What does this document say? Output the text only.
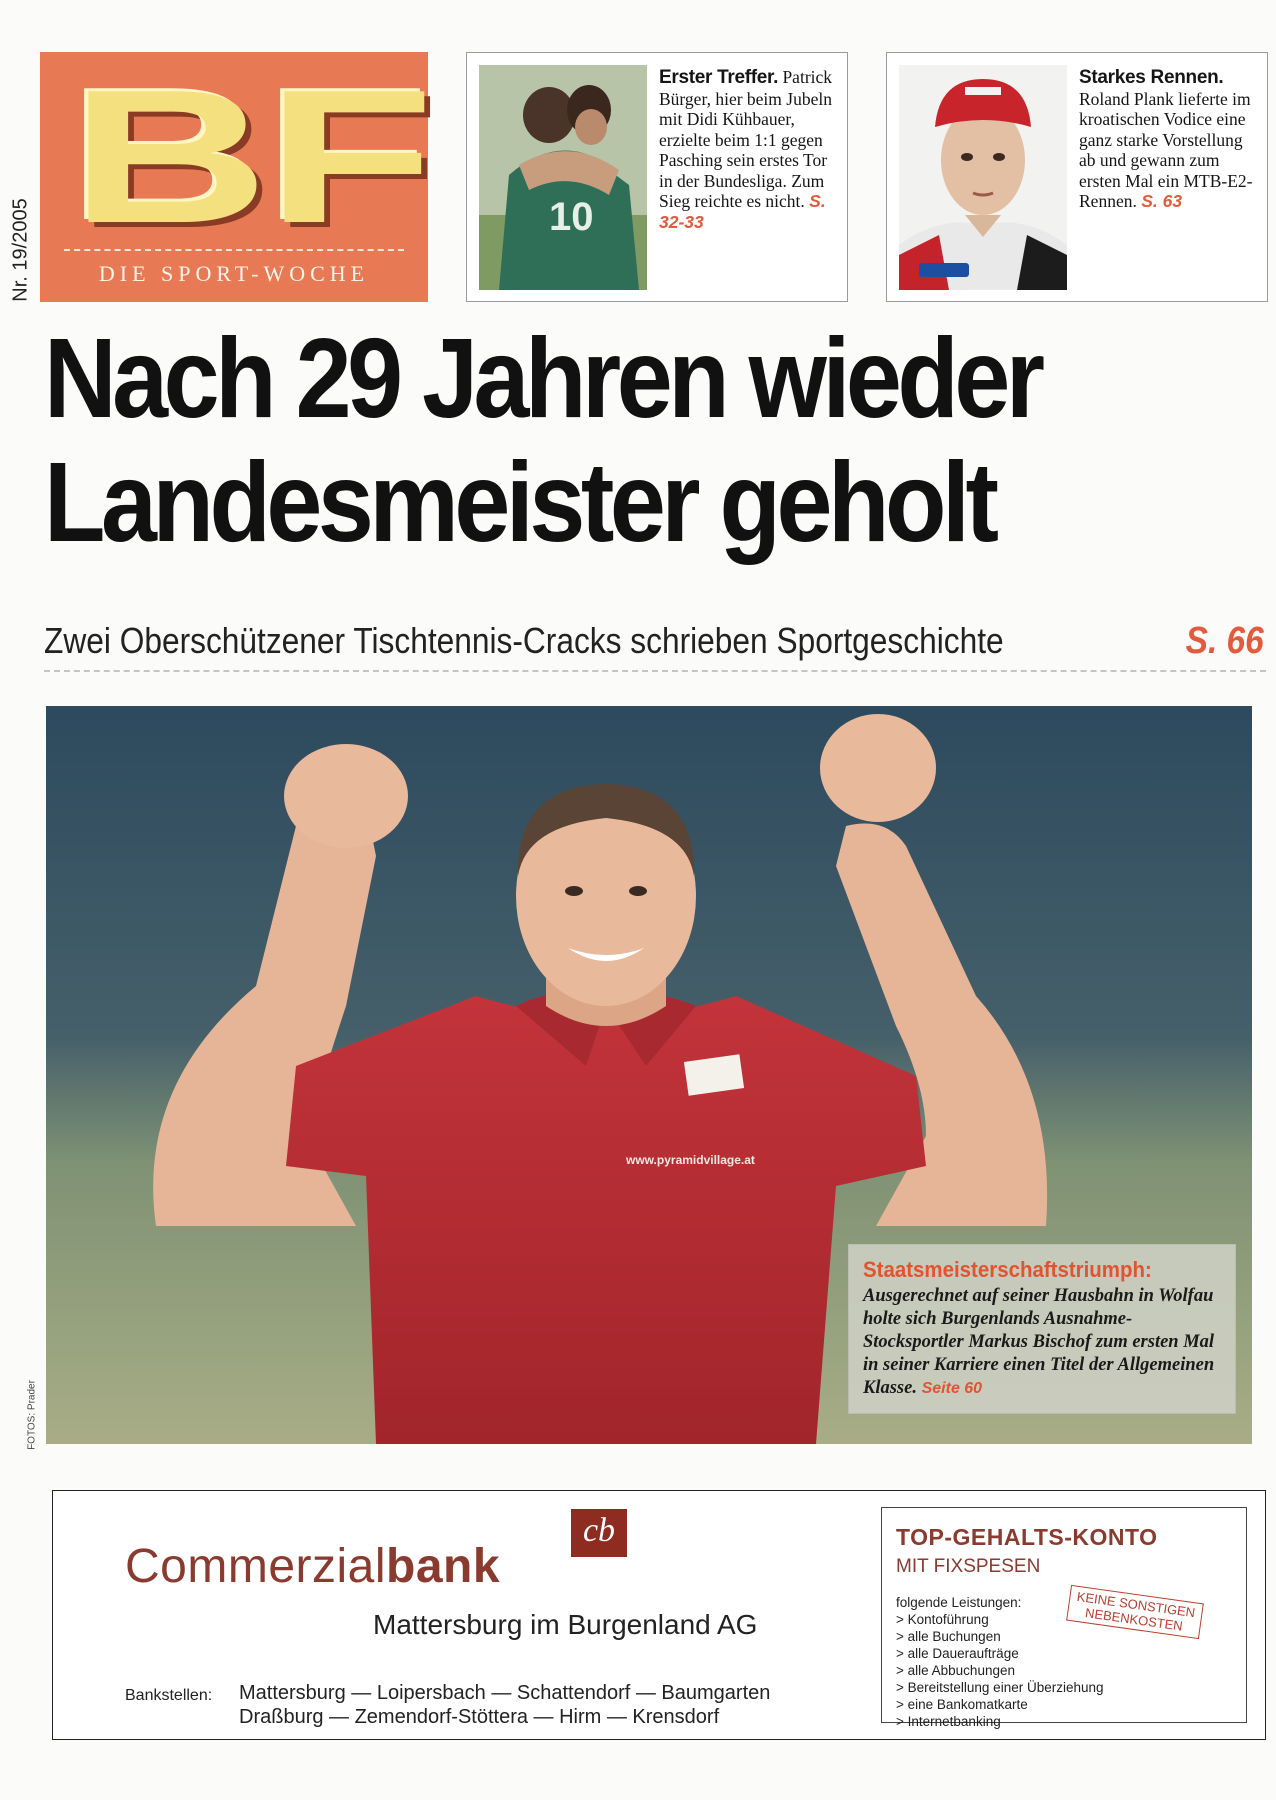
Nr. 19/2005 BF
DIE SPORT-WOCHE
10
Erster Treffer. Patrick Bürger, hier beim Jubeln mit Didi Kühbauer, erzielte beim 1:1 gegen Pasching sein erstes Tor in der Bundesliga. Zum Sieg reichte es nicht. S. 32-33
Starkes Rennen. Roland Plank lieferte im kroatischen Vodice eine ganz starke Vorstellung ab und gewann zum ersten Mal ein MTB-E2-Rennen. S. 63
Nach 29 Jahren wieder
Landesmeister geholt
Zwei Oberschützener Tischtennis-Cracks schrieben Sportgeschichte	S. 66
www.pyramidvillage.at
Staatsmeisterschaftstriumph:
Ausgerechnet auf seiner Hausbahn in Wolfau holte sich Burgenlands Ausnahme-Stocksportler Markus Bischof zum ersten Mal in seiner Karriere einen Titel der Allgemeinen Klasse. Seite 60
FOTOS: Prader
Commerzialbank
cb
Mattersburg im Burgenland AG
Bankstellen: Mattersburg — Loipersbach — Schattendorf — Baumgarten
Draßburg — Zemendorf-Stöttera — Hirm — Krensdorf
TOP-GEHALTS-KONTO
MIT FIXSPESEN
folgende Leistungen:
> Kontoführung
> alle Buchungen
> alle Daueraufträge
> alle Abbuchungen
> Bereitstellung einer Überziehung
> eine Bankomatkarte
> Internetbanking
KEINE SONSTIGEN NEBENKOSTEN
